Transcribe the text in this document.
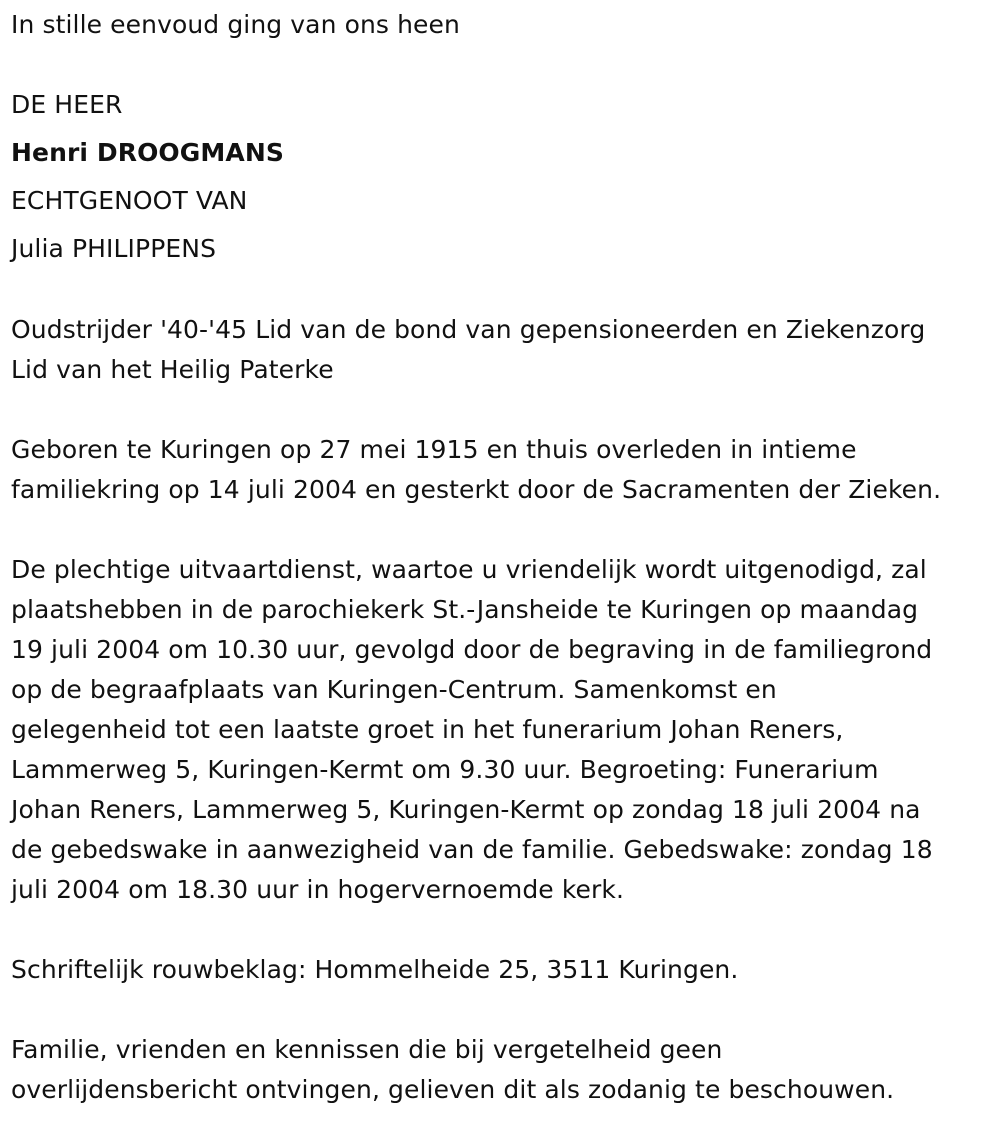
In stille eenvoud ging van ons heen
DE HEER
Henri DROOGMANS
ECHTGENOOT VAN
Julia PHILIPPENS
Oudstrijder '40-'45 Lid van de bond van gepensioneerden en Ziekenzorg
Lid van het Heilig Paterke
Geboren te Kuringen op 27 mei 1915 en thuis overleden in intieme
familiekring op 14 juli 2004 en gesterkt door de Sacramenten der Zieken.
De plechtige uitvaartdienst, waartoe u vriendelijk wordt uitgenodigd, zal
plaatshebben in de parochiekerk St.-Jansheide te Kuringen op maandag
19 juli 2004 om 10.30 uur, gevolgd door de begraving in de familiegrond
op de begraafplaats van Kuringen-Centrum. Samenkomst en
gelegenheid tot een laatste groet in het funerarium Johan Reners,
Lammerweg 5, Kuringen-Kermt om 9.30 uur. Begroeting: Funerarium
Johan Reners, Lammerweg 5, Kuringen-Kermt op zondag 18 juli 2004 na
de gebedswake in aanwezigheid van de familie. Gebedswake: zondag 18
juli 2004 om 18.30 uur in hogervernoemde kerk.
Schriftelijk rouwbeklag: Hommelheide 25, 3511 Kuringen.
Familie, vrienden en kennissen die bij vergetelheid geen
overlijdensbericht ontvingen, gelieven dit als zodanig te beschouwen.
